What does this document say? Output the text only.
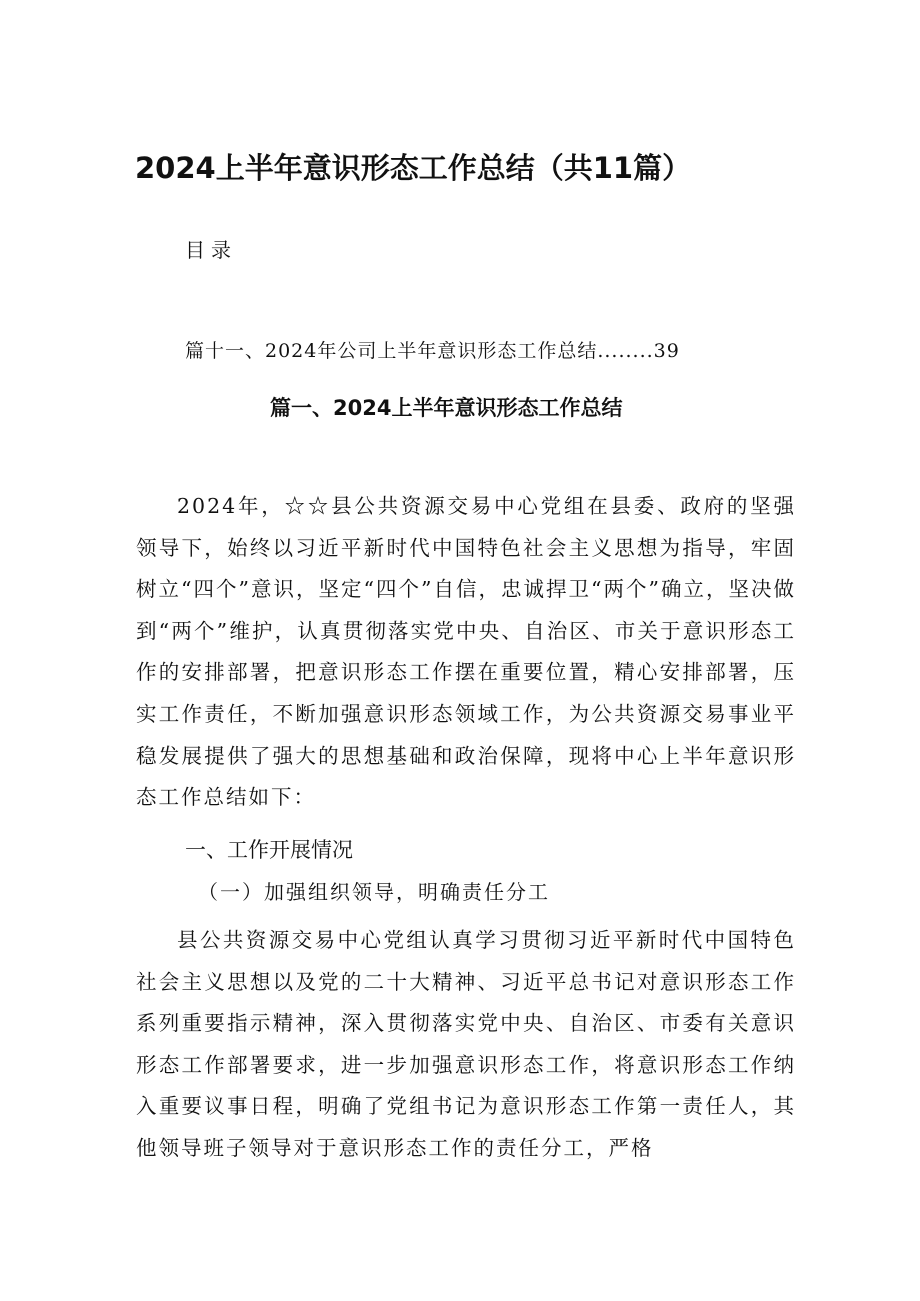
2024上半年意识形态工作总结（共11篇）
目录
篇十一、2024年公司上半年意识形态工作总结........39
篇一、2024上半年意识形态工作总结
2024年，☆☆县公共资源交易中心党组在县委、政府的坚强领导下，始终以习近平新时代中国特色社会主义思想为指导，牢固树立“四个”意识，坚定“四个”自信，忠诚捍卫“两个”确立，坚决做到“两个”维护，认真贯彻落实党中央、自治区、市关于意识形态工作的安排部署，把意识形态工作摆在重要位置，精心安排部署，压实工作责任，不断加强意识形态领域工作，为公共资源交易事业平稳发展提供了强大的思想基础和政治保障，现将中心上半年意识形态工作总结如下：
一、工作开展情况
（一）加强组织领导，明确责任分工
县公共资源交易中心党组认真学习贯彻习近平新时代中国特色社会主义思想以及党的二十大精神、习近平总书记对意识形态工作系列重要指示精神，深入贯彻落实党中央、自治区、市委有关意识形态工作部署要求，进一步加强意识形态工作，将意识形态工作纳入重要议事日程，明确了党组书记为意识形态工作第一责任人，其他领导班子领导对于意识形态工作的责任分工，严格
